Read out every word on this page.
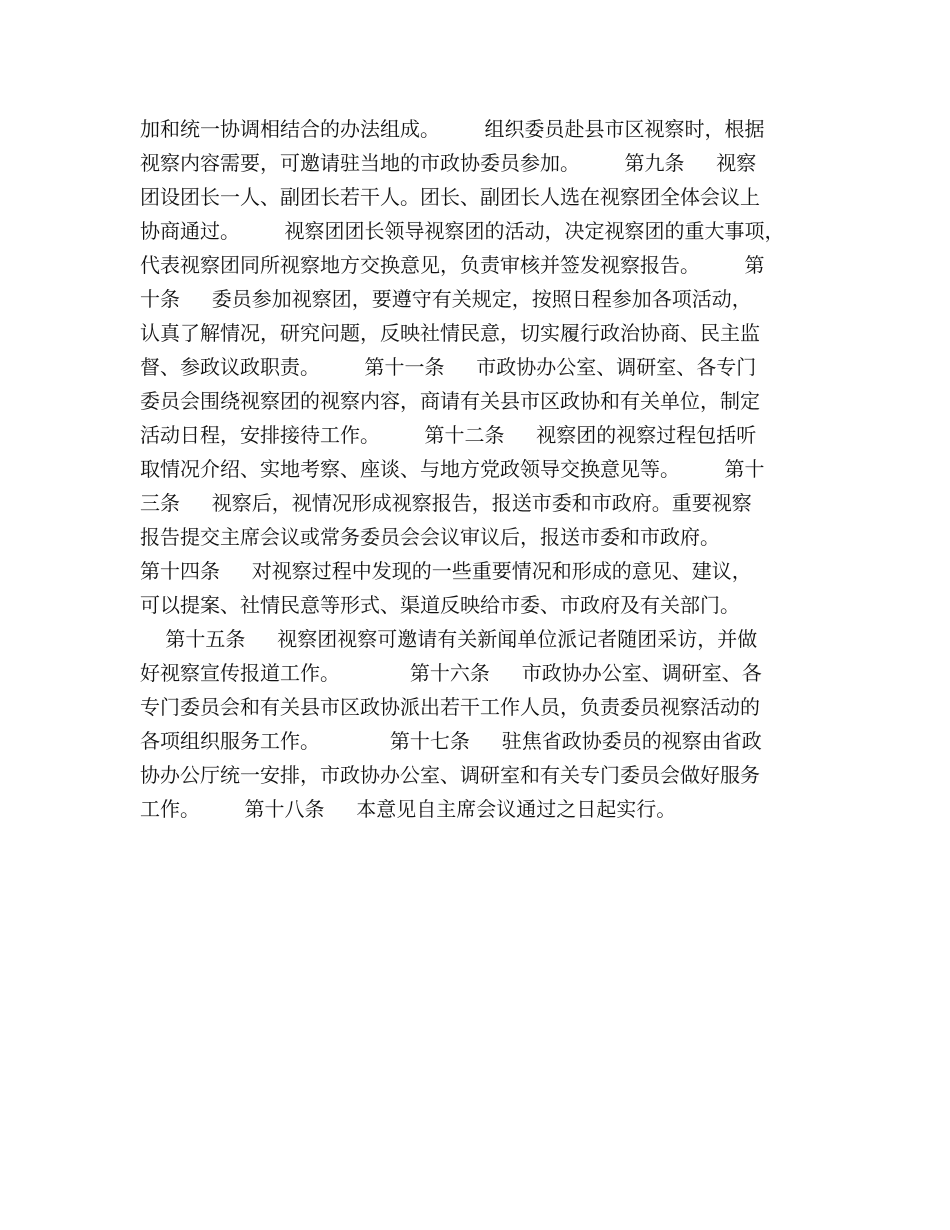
加和统一协调相结合的办法组成。       组织委员赴县市区视察时，根据
视察内容需要，可邀请驻当地的市政协委员参加。       第九条     视察
团设团长一人、副团长若干人。团长、副团长人选在视察团全体会议上
协商通过。       视察团团长领导视察团的活动，决定视察团的重大事项，
代表视察团同所视察地方交换意见，负责审核并签发视察报告。       第
十条     委员参加视察团，要遵守有关规定，按照日程参加各项活动，
认真了解情况，研究问题，反映社情民意，切实履行政治协商、民主监
督、参政议政职责。       第十一条     市政协办公室、调研室、各专门
委员会围绕视察团的视察内容，商请有关县市区政协和有关单位，制定
活动日程，安排接待工作。       第十二条     视察团的视察过程包括听
取情况介绍、实地考察、座谈、与地方党政领导交换意见等。       第十
三条     视察后，视情况形成视察报告，报送市委和市政府。重要视察
报告提交主席会议或常务委员会会议审议后，报送市委和市政府。
第十四条     对视察过程中发现的一些重要情况和形成的意见、建议，
可以提案、社情民意等形式、渠道反映给市委、市政府及有关部门。
第十五条     视察团视察可邀请有关新闻单位派记者随团采访，并做
好视察宣传报道工作。           第十六条     市政协办公室、调研室、各
专门委员会和有关县市区政协派出若干工作人员，负责委员视察活动的
各项组织服务工作。           第十七条     驻焦省政协委员的视察由省政
协办公厅统一安排，市政协办公室、调研室和有关专门委员会做好服务
工作。       第十八条     本意见自主席会议通过之日起实行。
